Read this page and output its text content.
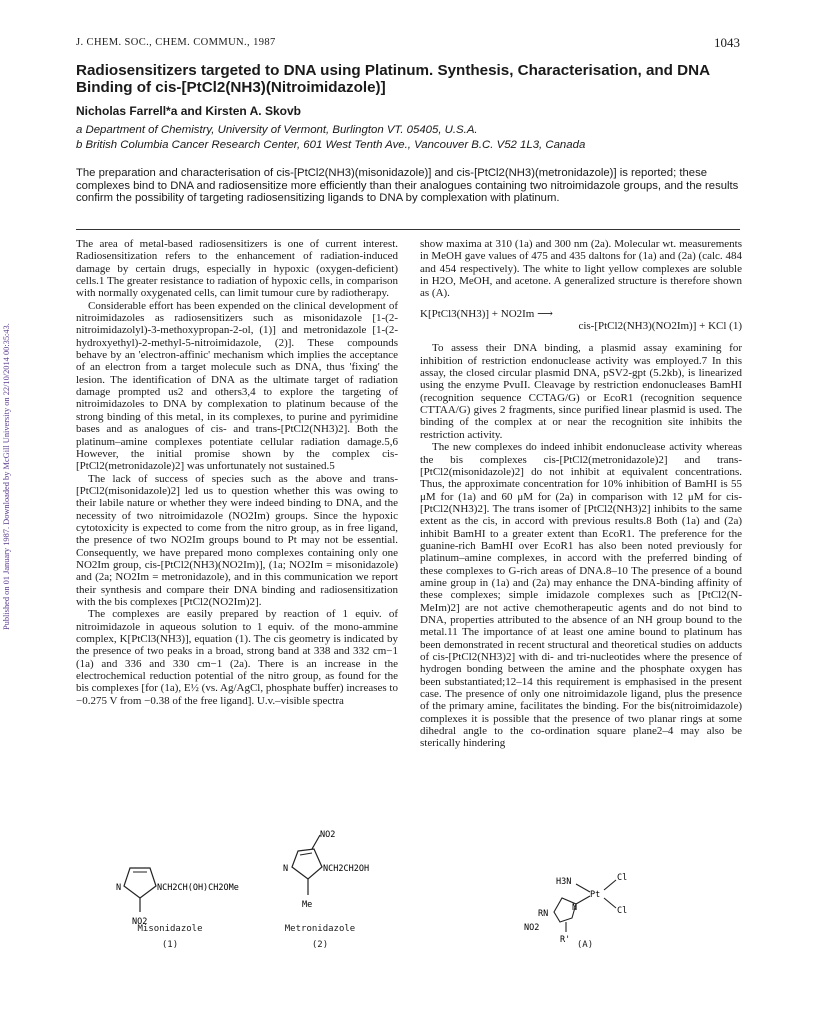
J. CHEM. SOC., CHEM. COMMUN., 1987	1043
Published on 01 January 1987. Downloaded by McGill University on 22/10/2014 00:35:43.
Radiosensitizers targeted to DNA using Platinum. Synthesis, Characterisation, and DNA Binding of cis-[PtCl2(NH3)(Nitroimidazole)]
Nicholas Farrell*a and Kirsten A. Skovb
a Department of Chemistry, University of Vermont, Burlington VT. 05405, U.S.A.
b British Columbia Cancer Research Center, 601 West Tenth Ave., Vancouver B.C. V52 1L3, Canada
The preparation and characterisation of cis-[PtCl2(NH3)(misonidazole)] and cis-[PtCl2(NH3)(metronidazole)] is reported; these complexes bind to DNA and radiosensitize more efficiently than their analogues containing two nitroimidazole groups, and the results confirm the possibility of targeting radiosensitizing ligands to DNA by complexation with platinum.

The area of metal-based radiosensitizers is one of current interest. Radiosensitization refers to the enhancement of radiation-induced damage by certain drugs, especially in hypoxic (oxygen-deficient) cells.1 The greater resistance to radiation of hypoxic cells, in comparison with normally oxygenated cells, can limit tumour cure by radiotherapy.

Considerable effort has been expended on the clinical development of nitroimidazoles as radiosensitizers such as misonidazole [1-(2-nitroimidazolyl)-3-methoxypropan-2-ol, (1)] and metronidazole [1-(2-hydroxyethyl)-2-methyl-5-nitroimidazole, (2)]. These compounds behave by an 'electron-affinic' mechanism which implies the acceptance of an electron from a target molecule such as DNA, thus 'fixing' the lesion. The identification of DNA as the ultimate target of radiation damage prompted us2 and others3,4 to explore the targeting of nitroimidazoles to DNA by complexation to platinum because of the strong binding of this metal, in its complexes, to purine and pyrimidine bases and as analogues of cis- and trans-[PtCl2(NH3)2]. Both the platinum–amine complexes potentiate cellular radiation damage.5,6 However, the initial promise shown by the complex cis-[PtCl2(metronidazole)2] was unfortunately not sustained.5

The lack of success of species such as the above and trans-[PtCl2(misonidazole)2] led us to question whether this was owing to their labile nature or whether they were indeed binding to DNA, and the necessity of two nitroimidazole (NO2Im) groups. Since the hypoxic cytotoxicity is expected to come from the nitro group, as in free ligand, the presence of two NO2Im groups bound to Pt may not be essential. Consequently, we have prepared mono complexes containing only one NO2Im group, cis-[PtCl2(NH3)(NO2Im)], (1a; NO2Im = misonidazole) and (2a; NO2Im = metronidazole), and in this communication we report their synthesis and compare their DNA binding and radiosensitization with the bis complexes [PtCl2(NO2Im)2].

The complexes are easily prepared by reaction of 1 equiv. of nitroimidazole in aqueous solution to 1 equiv. of the mono-ammine complex, K[PtCl3(NH3)], equation (1). The cis geometry is indicated by the presence of two peaks in a broad, strong band at 338 and 332 cm−1 (1a) and 336 and 330 cm−1 (2a). There is an increase in the electrochemical reduction potential of the nitro group, as found for the bis complexes [for (1a), E½ (vs. Ag/AgCl, phosphate buffer) increases to −0.275 V from −0.38 of the free ligand]. U.v.–visible spectra

show maxima at 310 (1a) and 300 nm (2a). Molecular wt. measurements in MeOH gave values of 475 and 435 daltons for (1a) and (2a) (calc. 484 and 454 respectively). The white to light yellow complexes are soluble in H2O, MeOH, and acetone. A generalized structure is therefore shown as (A).

K[PtCl3(NH3)] + NO2Im ⟶
cis-[PtCl2(NH3)(NO2Im)] + KCl (1)

To assess their DNA binding, a plasmid assay examining for inhibition of restriction endonuclease activity was employed.7 In this assay, the closed circular plasmid DNA, pSV2-gpt (5.2kb), is linearized using the enzyme PvuII. Cleavage by restriction endonucleases BamHI (recognition sequence CCTAG/G) or EcoR1 (recognition sequence CTTAA/G) gives 2 fragments, since purified linear plasmid is used. The binding of the complex at or near the recognition site inhibits the restriction activity.

The new complexes do indeed inhibit endonuclease activity whereas the bis complexes cis-[PtCl2(metronidazole)2] and trans-[PtCl2(misonidazole)2] do not inhibit at equivalent concentrations. Thus, the approximate concentration for 10% inhibition of BamHI is 55 μM for (1a) and 60 μM for (2a) in comparison with 12 μM for cis-[PtCl2(NH3)2]. The trans isomer of [PtCl2(NH3)2] inhibits to the same extent as the cis, in accord with previous results.8 Both (1a) and (2a) inhibit BamHI to a greater extent than EcoR1. The preference for the guanine-rich BamHI over EcoR1 has also been noted previously for platinum–amine complexes, in accord with the preferred binding of these complexes to G-rich areas of DNA.8–10 The presence of a bound amine group in (1a) and (2a) may enhance the DNA-binding affinity of these complexes; simple imidazole complexes such as [PtCl2(N-MeIm)2] are not active chemotherapeutic agents and do not bind to DNA, properties attributed to the absence of an NH group bound to the metal.11 The importance of at least one amine bound to platinum has been demonstrated in recent structural and theoretical studies on adducts of cis-[PtCl2(NH3)2] with di- and tri-nucleotides where the presence of hydrogen bonding between the amine and the phosphate oxygen has been substantiated;12–14 this requirement is emphasised in the present case. The presence of only one nitroimidazole ligand, plus the presence of the primary amine, facilitates the binding. For the bis(nitroimidazole) complexes it is possible that the presence of two planar rings at some dihedral angle to the co-ordination square plane2–4 may also be sterically hindering

N	NCH2CH(OH)CH2OMe
NO2
Misonidazole
(1)
NO2
N	NCH2CH2OH
Me
Metronidazole
(2)
H3N
Pt
Cl
Cl
RN
N
NO2
R' (A)
